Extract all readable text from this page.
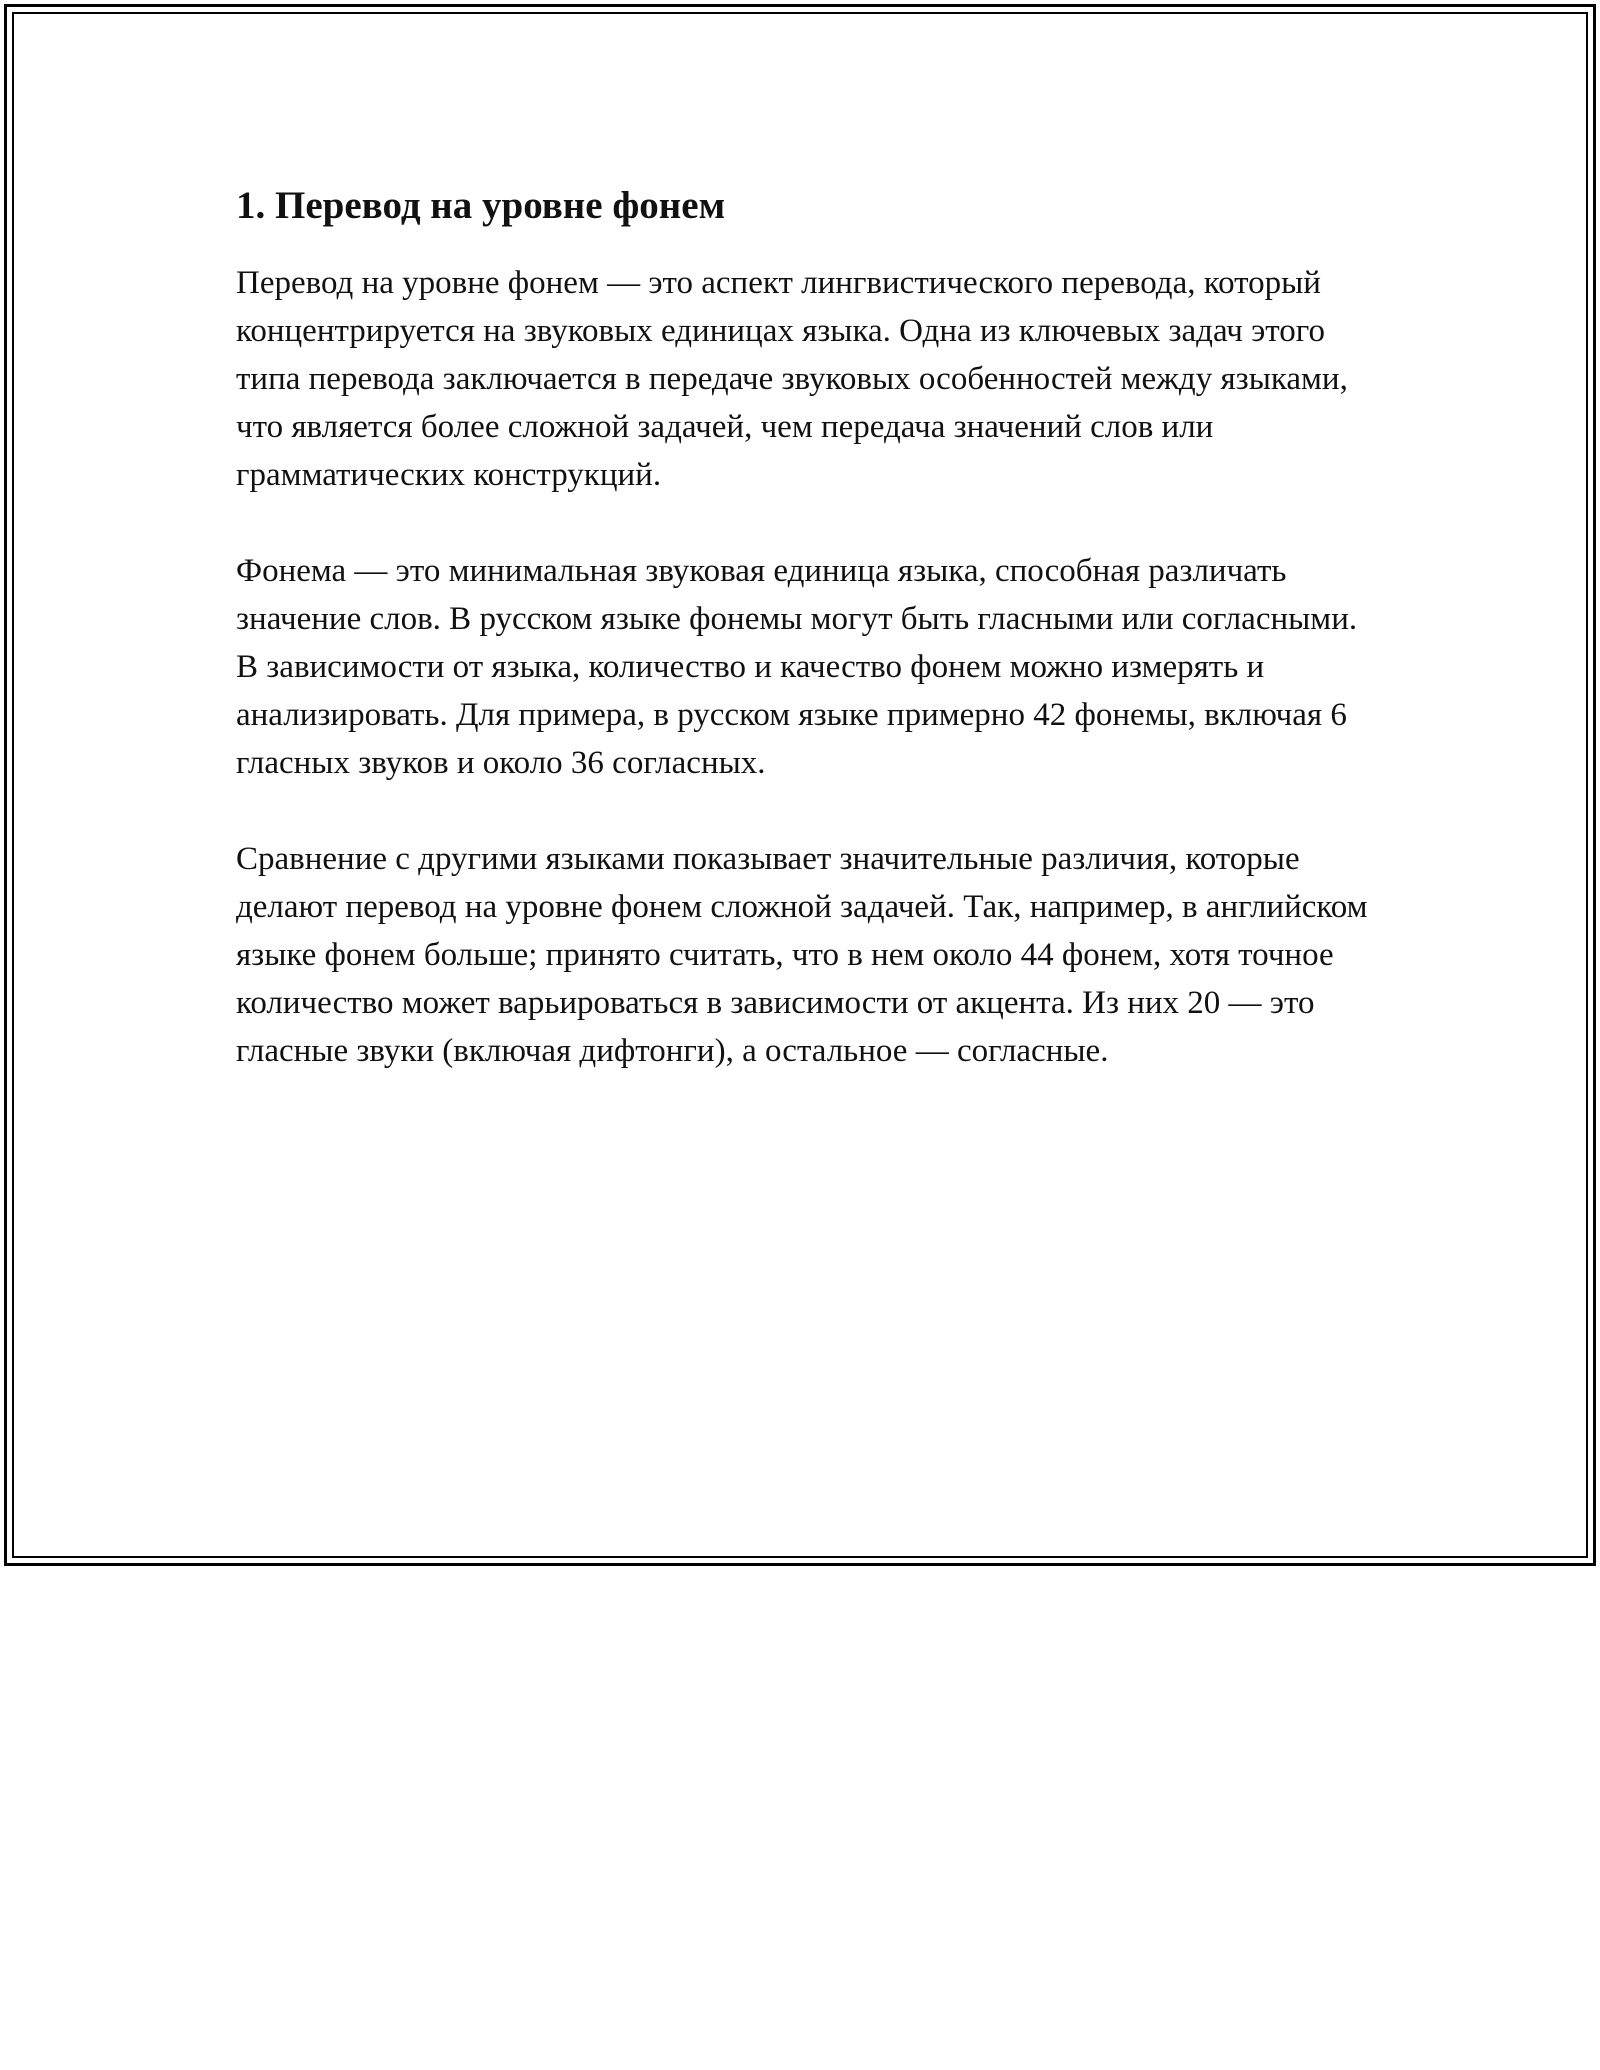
1. Перевод на уровне фонем

Перевод на уровне фонем — это аспект лингвистического перевода, который концентрируется на звуковых единицах языка. Одна из ключевых задач этого типа перевода заключается в передаче звуковых особенностей между языками, что является более сложной задачей, чем передача значений слов или грамматических конструкций.

Фонема — это минимальная звуковая единица языка, способная различать значение слов. В русском языке фонемы могут быть гласными или согласными. В зависимости от языка, количество и качество фонем можно измерять и анализировать. Для примера, в русском языке примерно 42 фонемы, включая 6 гласных звуков и около 36 согласных.

Сравнение с другими языками показывает значительные различия, которые делают перевод на уровне фонем сложной задачей. Так, например, в английском языке фонем больше; принято считать, что в нем около 44 фонем, хотя точное количество может варьироваться в зависимости от акцента. Из них 20 — это гласные звуки (включая дифтонги), а остальное — согласные.
